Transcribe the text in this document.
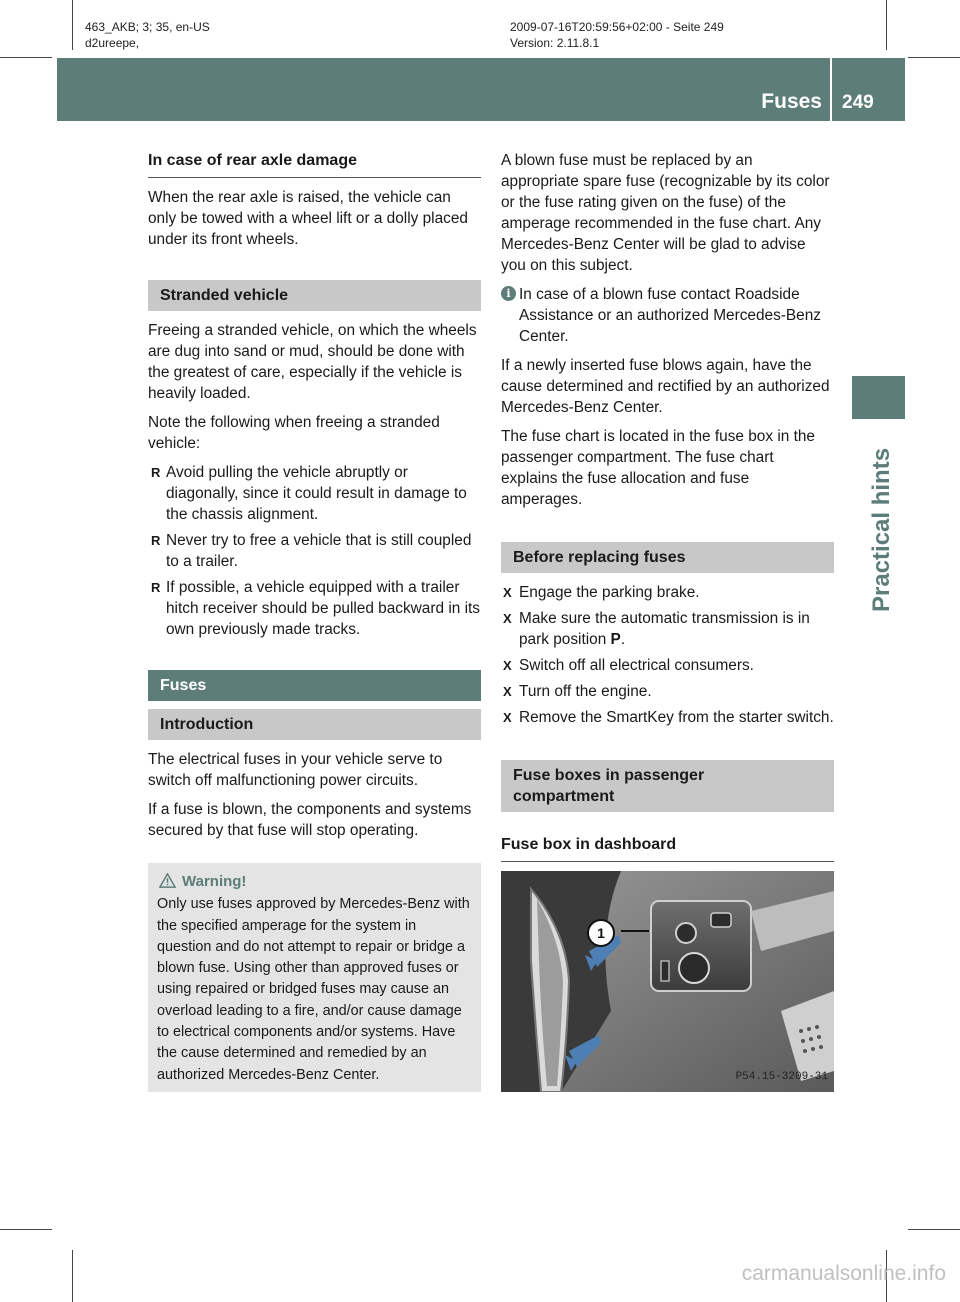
463_AKB; 3; 35, en-US
d2ureepe,
2009-07-16T20:59:56+02:00 - Seite 249
Version: 2.11.8.1
Fuses 249
Practical hints
In case of rear axle damage

When the rear axle is raised, the vehicle can only be towed with a wheel lift or a dolly placed under its front wheels.

Stranded vehicle

Freeing a stranded vehicle, on which the wheels are dug into sand or mud, should be done with the greatest of care, especially if the vehicle is heavily loaded.

Note the following when freeing a stranded vehicle:

R Avoid pulling the vehicle abruptly or diagonally, since it could result in damage to the chassis alignment.
R Never try to free a vehicle that is still coupled to a trailer.
R If possible, a vehicle equipped with a trailer hitch receiver should be pulled backward in its own previously made tracks.
Fuses
Introduction

The electrical fuses in your vehicle serve to switch off malfunctioning power circuits.

If a fuse is blown, the components and systems secured by that fuse will stop operating.

Warning!
Only use fuses approved by Mercedes-Benz with the specified amperage for the system in question and do not attempt to repair or bridge a blown fuse. Using other than approved fuses or using repaired or bridged fuses may cause an overload leading to a fire, and/or cause damage to electrical components and/or systems. Have the cause determined and remedied by an authorized Mercedes-Benz Center.

A blown fuse must be replaced by an appropriate spare fuse (recognizable by its color or the fuse rating given on the fuse) of the amperage recommended in the fuse chart. Any Mercedes-Benz Center will be glad to advise you on this subject.

i In case of a blown fuse contact Roadside Assistance or an authorized Mercedes-Benz Center.

If a newly inserted fuse blows again, have the cause determined and rectified by an authorized Mercedes-Benz Center.

The fuse chart is located in the fuse box in the passenger compartment. The fuse chart explains the fuse allocation and fuse amperages.

Before replacing fuses
X Engage the parking brake.
X Make sure the automatic transmission is in park position P.
X Switch off all electrical consumers.
X Turn off the engine.
X Remove the SmartKey from the starter switch.
Fuse boxes in passenger compartment
Fuse box in dashboard
1
P54.15-3209-31
carmanualsonline.info
